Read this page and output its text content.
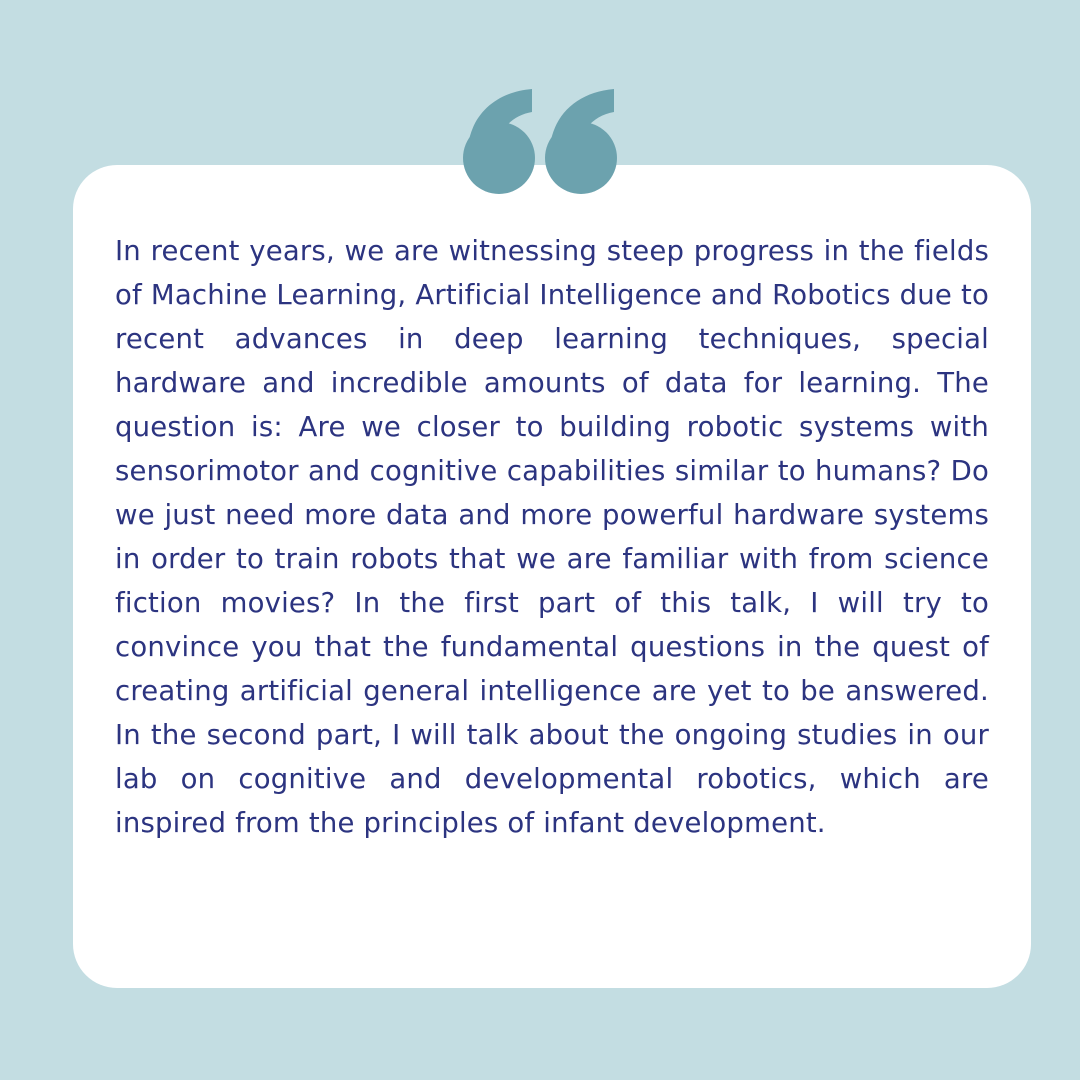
In recent years, we are witnessing steep progress in the fields of Machine Learning, Artificial Intelligence and Robotics due to recent advances in deep learning techniques, special hardware and incredible amounts of data for learning. The question is: Are we closer to building robotic systems with sensorimotor and cognitive capabilities similar to humans? Do we just need more data and more powerful hardware systems in order to train robots that we are familiar with from science fiction movies? In the first part of this talk, I will try to convince you that the fundamental questions in the quest of creating artificial general intelligence are yet to be answered. In the second part, I will talk about the ongoing studies in our lab on cognitive and developmental robotics, which are inspired from the principles of infant development.
